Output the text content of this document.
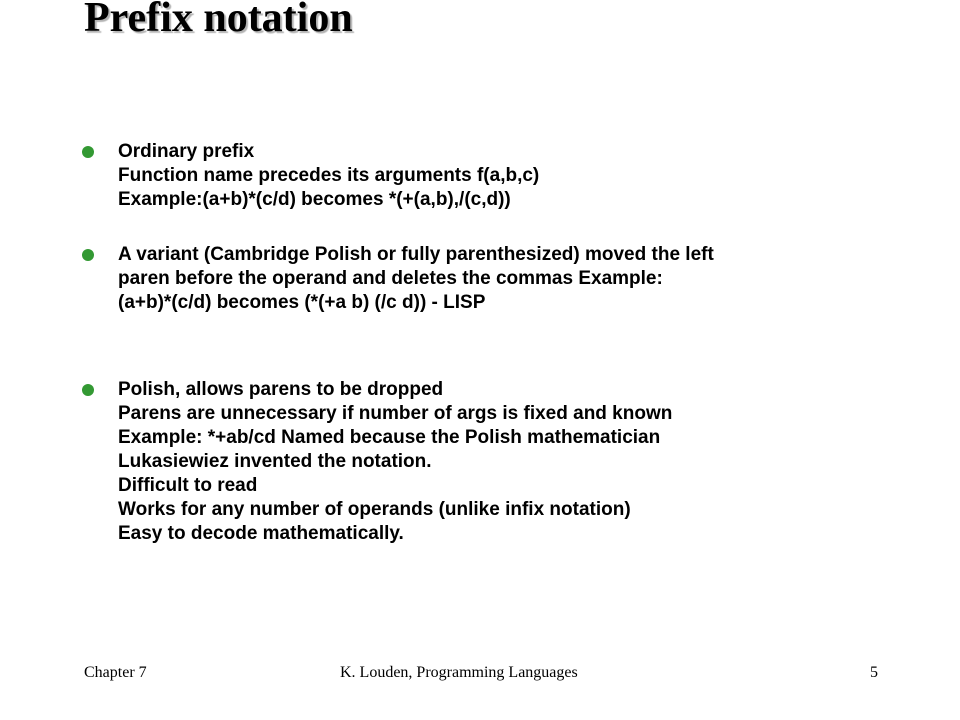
Prefix notation
Ordinary prefix
Function name precedes its arguments f(a,b,c)
Example:(a+b)*(c/d) becomes *(+(a,b),/(c,d))
A variant (Cambridge Polish or fully parenthesized) moved the left
paren before the operand and deletes the commas Example:
(a+b)*(c/d) becomes (*(+a b) (/c d)) - LISP
Polish, allows parens to be dropped
Parens are unnecessary if number of args is fixed and known
Example: *+ab/cd Named because the Polish mathematician
Lukasiewiez invented the notation.
Difficult to read
Works for any number of operands (unlike infix notation)
Easy to decode mathematically.
Chapter 7	K. Louden, Programming Languages	5
